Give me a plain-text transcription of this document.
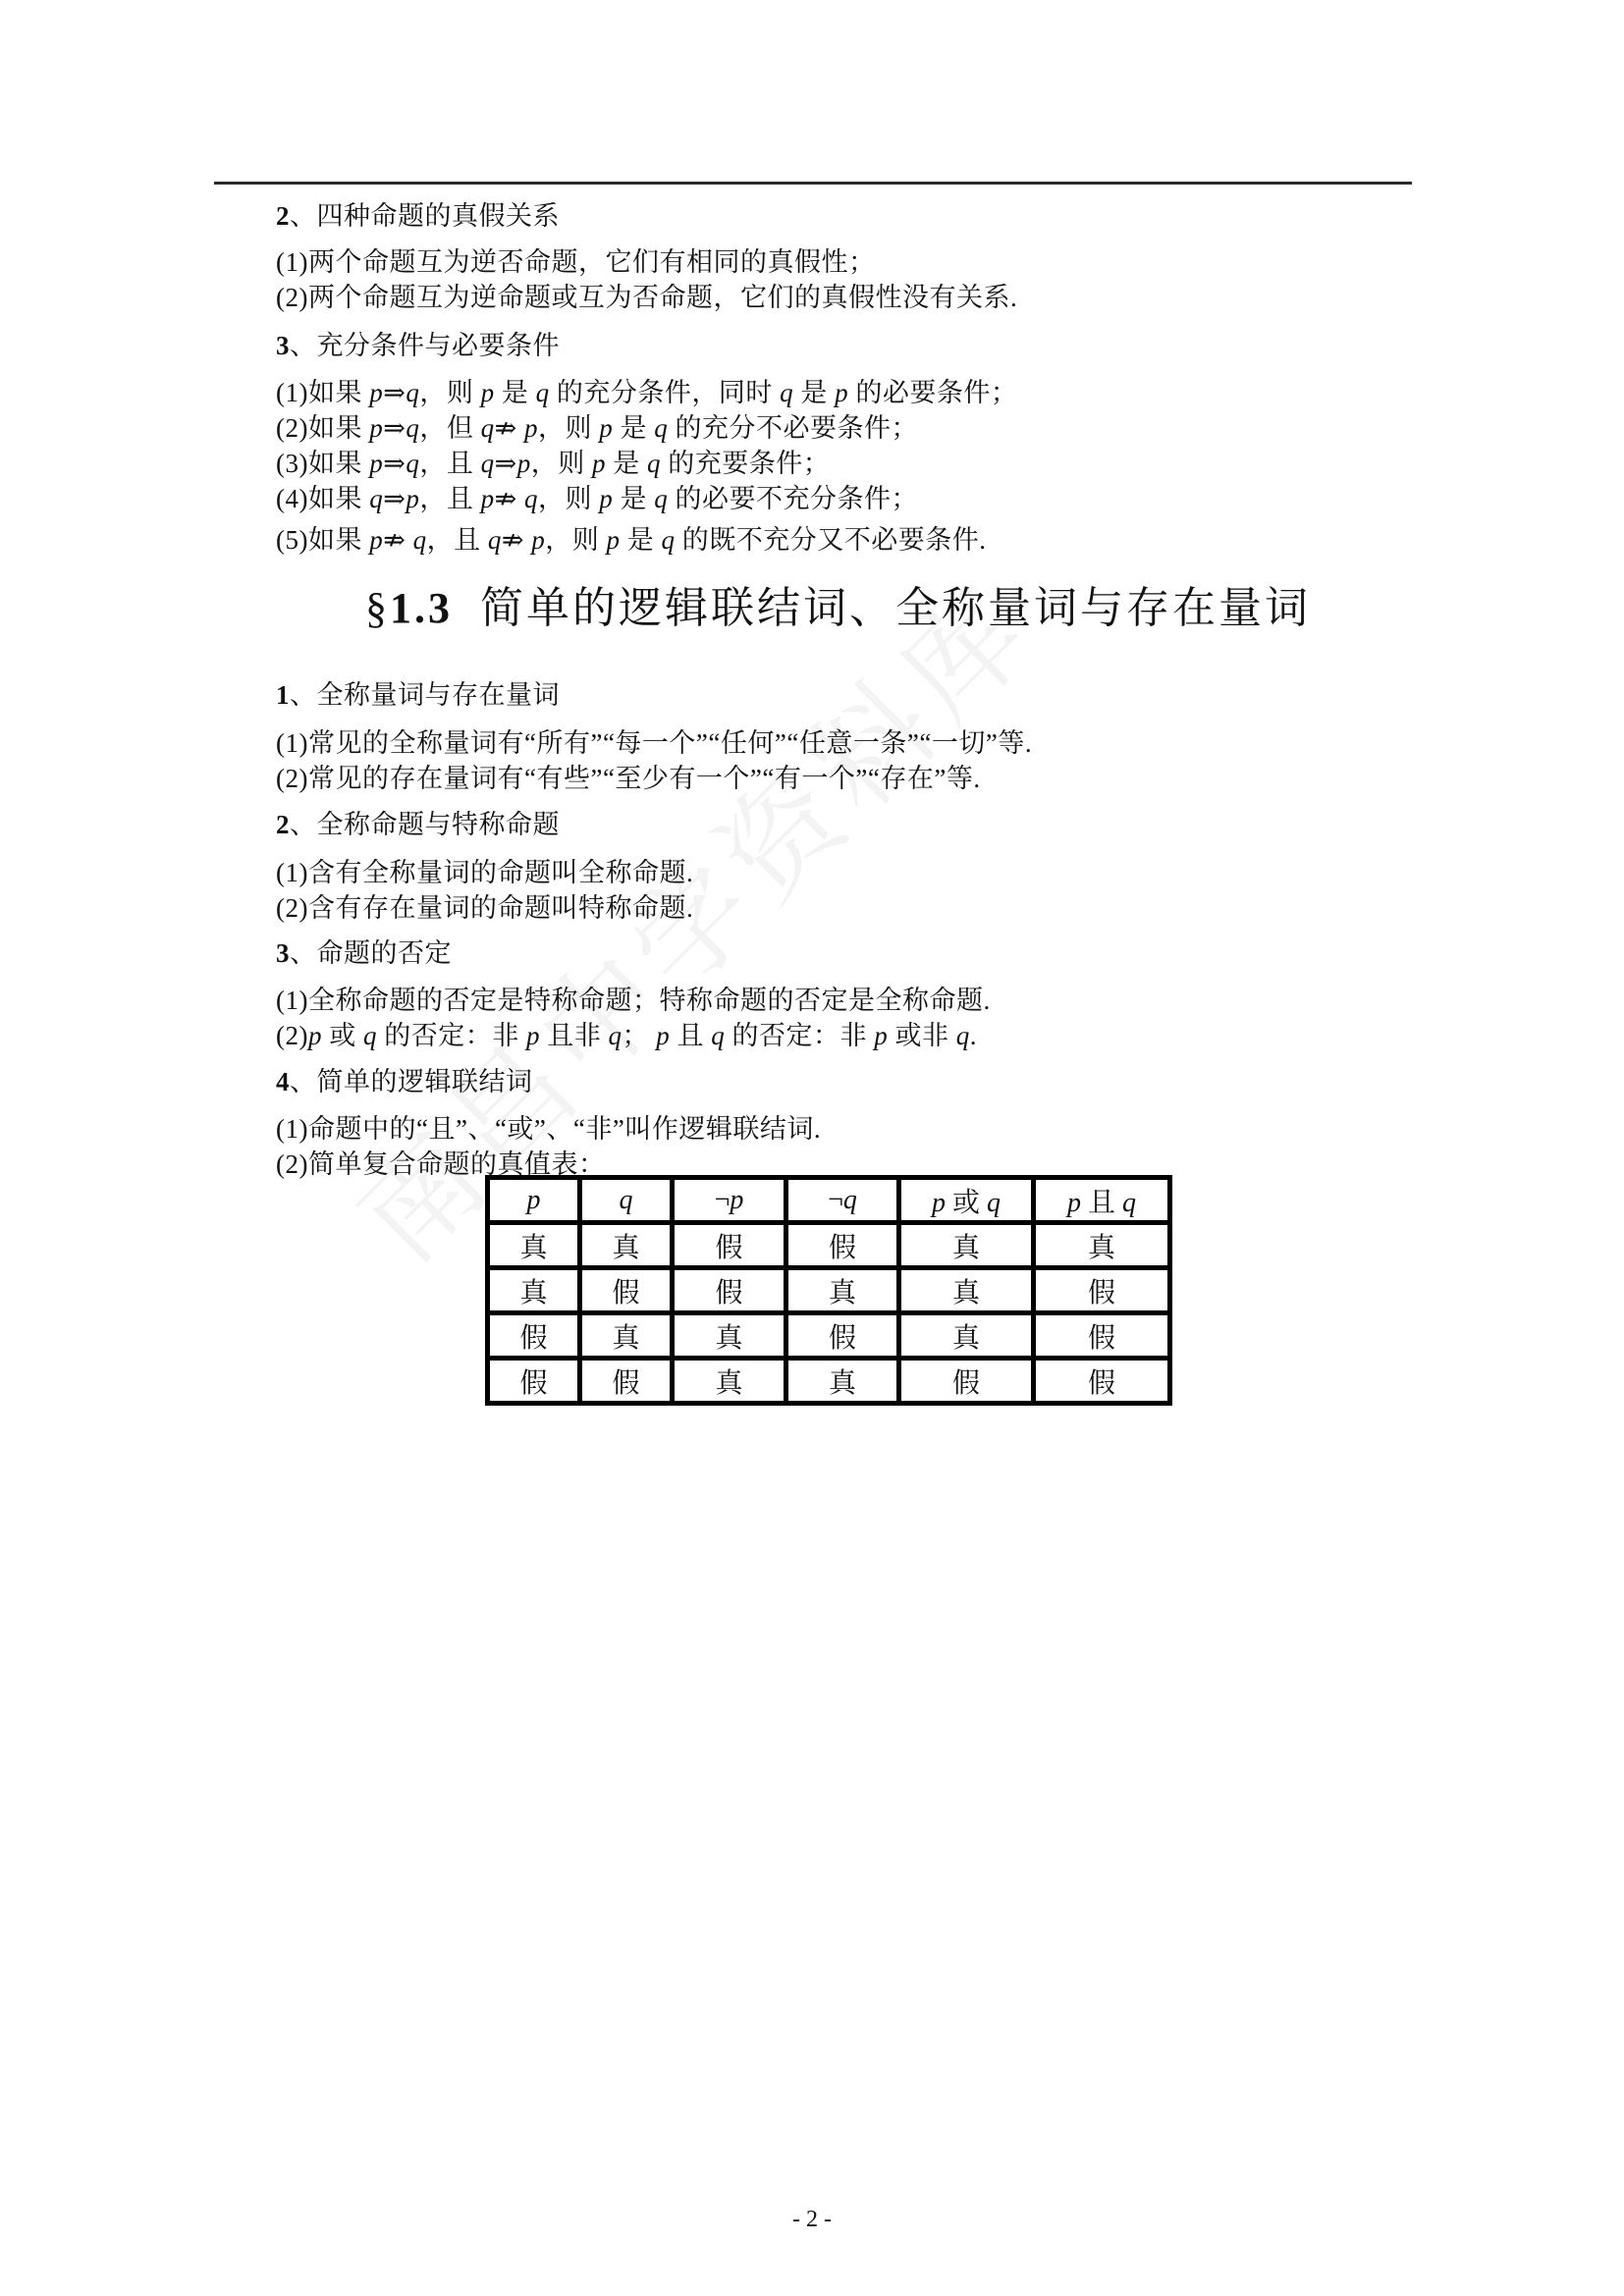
2、四种命题的真假关系
(1)两个命题互为逆否命题，它们有相同的真假性；
(2)两个命题互为逆命题或互为否命题，它们的真假性没有关系.
3、充分条件与必要条件
(1)如果 p⇒q，则 p 是 q 的充分条件，同时 q 是 p 的必要条件；
(2)如果 p⇒q，但 q⇏ p，则 p 是 q 的充分不必要条件；
(3)如果 p⇒q，且 q⇒p，则 p 是 q 的充要条件；
(4)如果 q⇒p，且 p⇏ q，则 p 是 q 的必要不充分条件；
(5)如果 p⇏ q，且 q⇏ p，则 p 是 q 的既不充分又不必要条件.
§1.3 简单的逻辑联结词、全称量词与存在量词
1、全称量词与存在量词
(1)常见的全称量词有“所有”“每一个”“任何”“任意一条”“一切”等.
(2)常见的存在量词有“有些”“至少有一个”“有一个”“存在”等.
2、全称命题与特称命题
(1)含有全称量词的命题叫全称命题.
(2)含有存在量词的命题叫特称命题.
3、命题的否定
(1)全称命题的否定是特称命题；特称命题的否定是全称命题.
(2)p 或 q 的否定：非 p 且非 q； p 且 q 的否定：非 p 或非 q.
4、简单的逻辑联结词
(1)命题中的“且”、“或”、“非”叫作逻辑联结词.
(2)简单复合命题的真值表：
p	q	¬p	¬q	p 或 q	p 且 q
真	真	假	假	真	真
真	假	假	真	真	假
假	真	真	假	真	假
假	假	真	真	假	假
- 2 -
